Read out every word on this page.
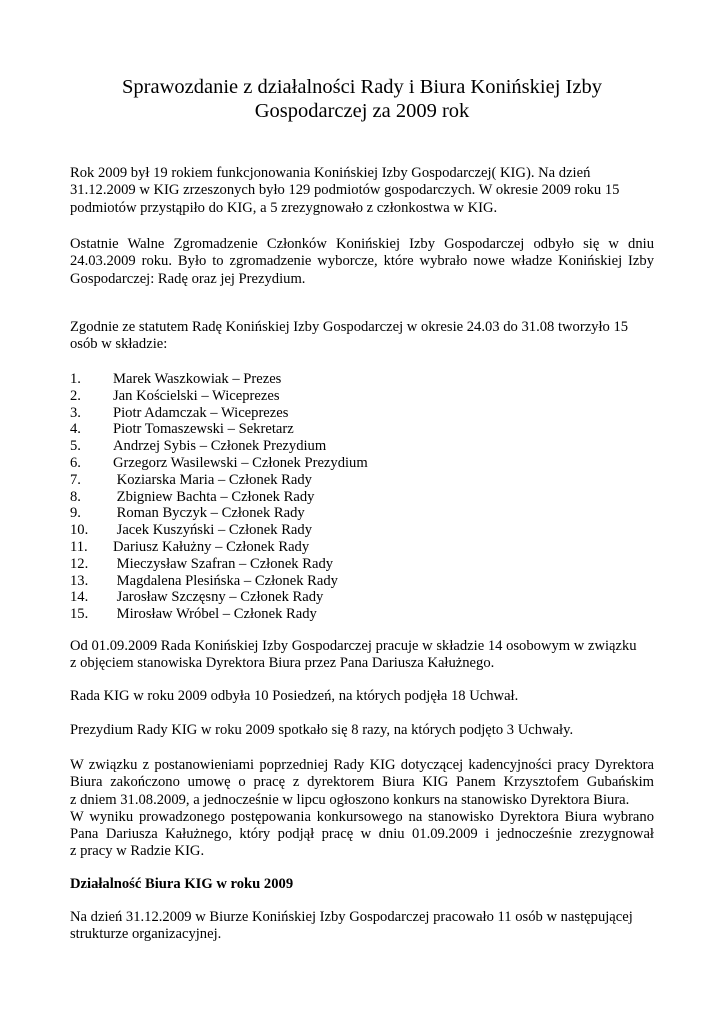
Sprawozdanie z działalności Rady i Biura Konińskiej Izby
Gospodarczej za 2009 rok
Rok 2009 był 19 rokiem funkcjonowania Konińskiej Izby Gospodarczej( KIG). Na dzień
31.12.2009 w KIG zrzeszonych było 129 podmiotów gospodarczych. W okresie 2009 roku 15
podmiotów przystąpiło do KIG, a 5 zrezygnowało z członkostwa w KIG.
Ostatnie Walne Zgromadzenie Członków Konińskiej Izby Gospodarczej odbyło się w dniu
24.03.2009 roku. Było to zgromadzenie wyborcze, które wybrało nowe władze Konińskiej Izby
Gospodarczej: Radę oraz jej Prezydium.
Zgodnie ze statutem Radę Konińskiej Izby Gospodarczej w okresie 24.03 do 31.08 tworzyło 15
osób w składzie:
1. Marek Waszkowiak – Prezes
2. Jan Kościelski – Wiceprezes
3. Piotr Adamczak – Wiceprezes
4. Piotr Tomaszewski – Sekretarz
5. Andrzej Sybis – Członek Prezydium
6. Grzegorz Wasilewski – Członek Prezydium
7. Koziarska Maria – Członek Rady
8. Zbigniew Bachta – Członek Rady
9. Roman Byczyk – Członek Rady
10. Jacek Kuszyński – Członek Rady
11. Dariusz Kałużny – Członek Rady
12. Mieczysław Szafran – Członek Rady
13. Magdalena Plesińska – Członek Rady
14. Jarosław Szczęsny – Członek Rady
15. Mirosław Wróbel – Członek Rady
Od 01.09.2009 Rada Konińskiej Izby Gospodarczej pracuje w składzie 14 osobowym w związku
z objęciem stanowiska Dyrektora Biura przez Pana Dariusza Kałużnego.
Rada KIG w roku 2009 odbyła 10 Posiedzeń, na których podjęła 18 Uchwał.
Prezydium Rady KIG w roku 2009 spotkało się 8 razy, na których podjęto 3 Uchwały.
W związku z postanowieniami poprzedniej Rady KIG dotyczącej kadencyjności pracy Dyrektora
Biura zakończono umowę o pracę z dyrektorem Biura KIG Panem Krzysztofem Gubańskim
z dniem 31.08.2009, a jednocześnie w lipcu ogłoszono konkurs na stanowisko Dyrektora Biura.
W wyniku prowadzonego postępowania konkursowego na stanowisko Dyrektora Biura wybrano
Pana Dariusza Kałużnego, który podjął pracę w dniu 01.09.2009 i jednocześnie zrezygnował
z pracy w Radzie KIG.
Działalność Biura KIG w roku 2009
Na dzień 31.12.2009 w Biurze Konińskiej Izby Gospodarczej pracowało 11 osób w następującej
strukturze organizacyjnej.
